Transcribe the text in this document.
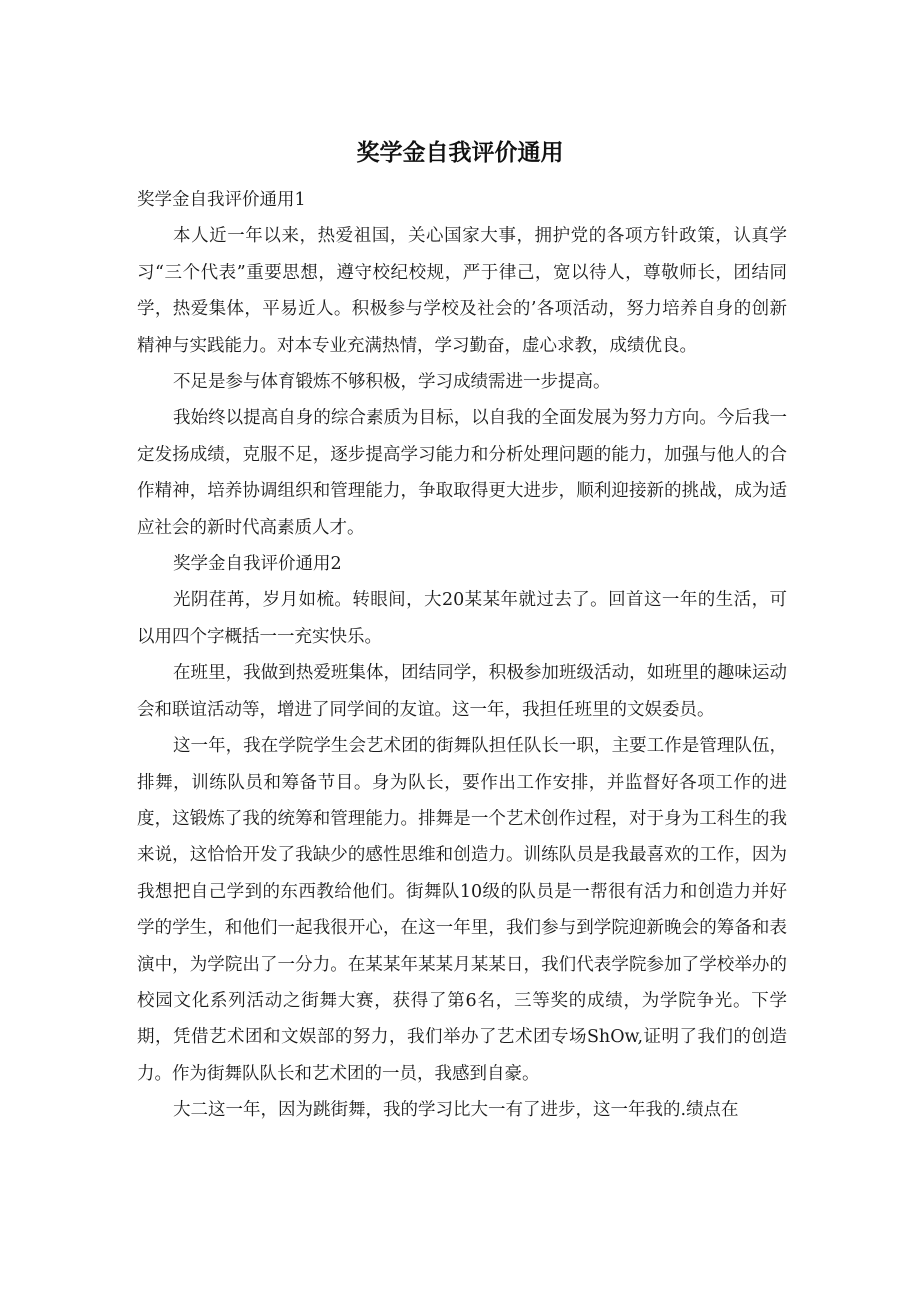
奖学金自我评价通用

奖学金自我评价通用1

本人近一年以来，热爱祖国，关心国家大事，拥护党的各项方针政策，认真学习“三个代表”重要思想，遵守校纪校规，严于律己，宽以待人，尊敬师长，团结同学，热爱集体，平易近人。积极参与学校及社会的’各项活动，努力培养自身的创新精神与实践能力。对本专业充满热情，学习勤奋，虚心求教，成绩优良。

不足是参与体育锻炼不够积极，学习成绩需进一步提高。

我始终以提高自身的综合素质为目标，以自我的全面发展为努力方向。今后我一定发扬成绩，克服不足，逐步提高学习能力和分析处理问题的能力，加强与他人的合作精神，培养协调组织和管理能力，争取取得更大进步，顺利迎接新的挑战，成为适应社会的新时代高素质人才。

奖学金自我评价通用2

光阴荏苒，岁月如梳。转眼间，大20某某年就过去了。回首这一年的生活，可以用四个字概括一一充实快乐。

在班里，我做到热爱班集体，团结同学，积极参加班级活动，如班里的趣味运动会和联谊活动等，增进了同学间的友谊。这一年，我担任班里的文娱委员。

这一年，我在学院学生会艺术团的街舞队担任队长一职，主要工作是管理队伍，排舞，训练队员和筹备节目。身为队长，要作出工作安排，并监督好各项工作的进度，这锻炼了我的统筹和管理能力。排舞是一个艺术创作过程，对于身为工科生的我来说，这恰恰开发了我缺少的感性思维和创造力。训练队员是我最喜欢的工作，因为我想把自己学到的东西教给他们。街舞队10级的队员是一帮很有活力和创造力并好学的学生，和他们一起我很开心，在这一年里，我们参与到学院迎新晚会的筹备和表演中，为学院出了一分力。在某某年某某月某某日，我们代表学院参加了学校举办的校园文化系列活动之街舞大赛，获得了第6名，三等奖的成绩，为学院争光。下学期，凭借艺术团和文娱部的努力，我们举办了艺术团专场ShOw,证明了我们的创造力。作为街舞队队长和艺术团的一员，我感到自豪。

大二这一年，因为跳街舞，我的学习比大一有了进步，这一年我的.绩点在
